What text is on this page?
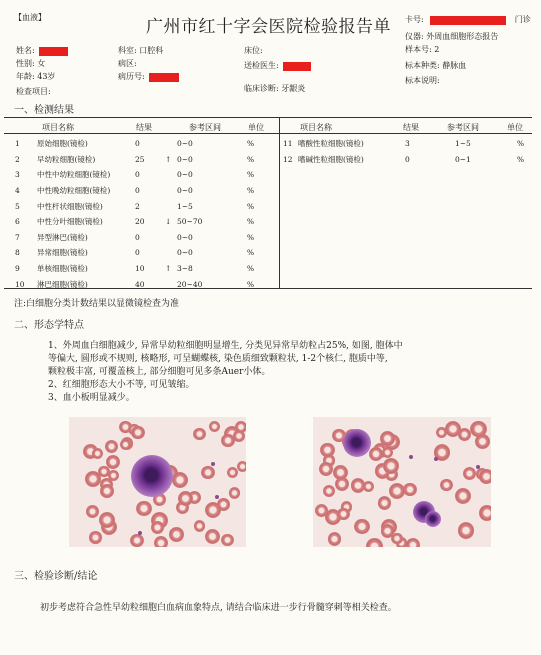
【血液】	广州市红十字会医院检验报告单 卡号:	门诊
姓名:
性别: 女
年龄: 43岁
科室: 口腔科
病区:
病历号:
床位:
送检医生:
临床诊断: 牙龈炎
仪器: 外周血细胞形态报告
样本号: 2
标本种类: 静脉血
标本说明:
检查项目:
一、检测结果
项目名称	结果	参考区间	单位	项目名称	结果	参考区间	单位
1	原始细胞(镜检)	0		0~0	%
2	早幼粒细胞(镜检)	25	↑	0~0	%
3	中性中幼粒细胞(镜检)	0		0~0	%
4	中性晚幼粒细胞(镜检)	0		0~0	%
5	中性杆状细胞(镜检)	2		1~5	%
6	中性分叶细胞(镜检)	20	↓	50~70	%
7	异型淋巴(镜检)	0		0~0	%
8	异常细胞(镜检)	0		0~0	%
9	单核细胞(镜检)	10	↑	3~8	%
10	淋巴细胞(镜检)	40		20~40	%
11	嗜酸性粒细胞(镜检)	3		1~5	%
12	嗜碱性粒细胞(镜检)	0		0~1	%
注:白细胞分类计数结果以显微镜检查为准
二、形态学特点
1、外周血白细胞减少, 异常早幼粒细胞明显增生, 分类见异常早幼粒占25%, 如图, 胞体中
等偏大, 圆形或不规则, 核略形, 可呈蝴蝶核, 染色质细致颗粒状, 1-2个核仁, 胞质中等,
颗粒极丰富, 可覆盖核上, 部分细胞可见多条Auer小体。
2、红细胞形态大小不等, 可见皱缩。
3、血小板明显减少。
三、检验诊断/结论
初步考虑符合急性早幼粒细胞白血病血象特点, 请结合临床进一步行骨髓穿刺等相关检查。
